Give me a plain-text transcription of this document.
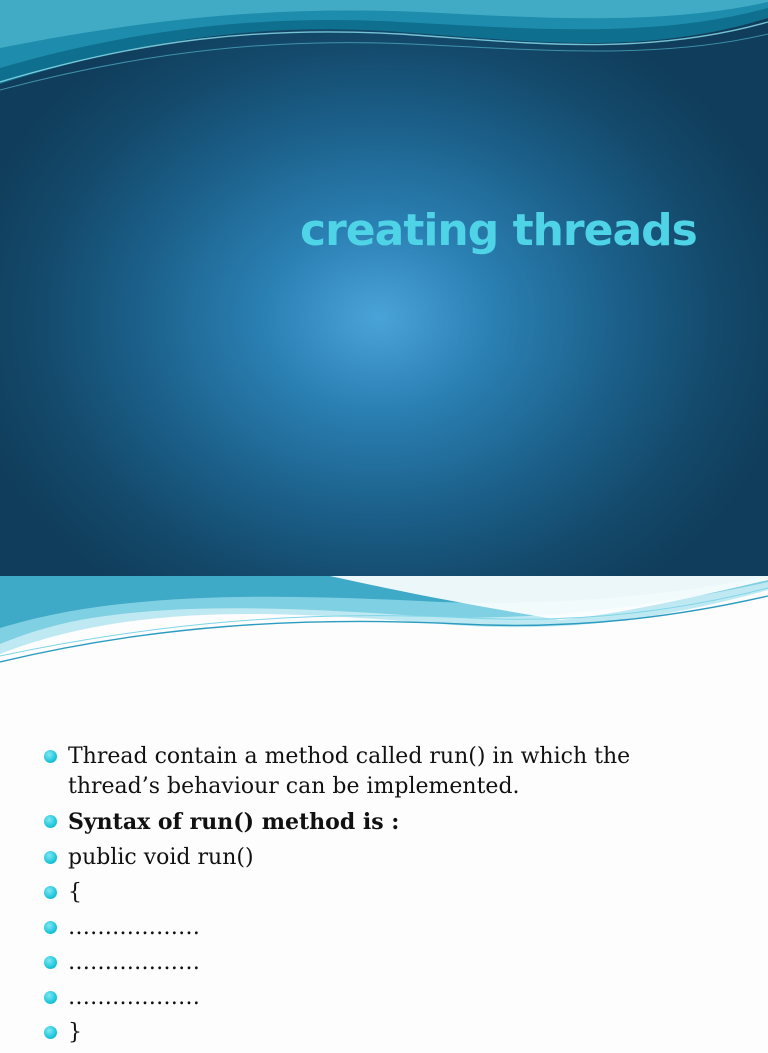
creating threads
Thread contain a method called run() in which the
thread’s behaviour can be implemented.
Syntax of run() method is :
public void run()
{
………………
………………
………………
}
